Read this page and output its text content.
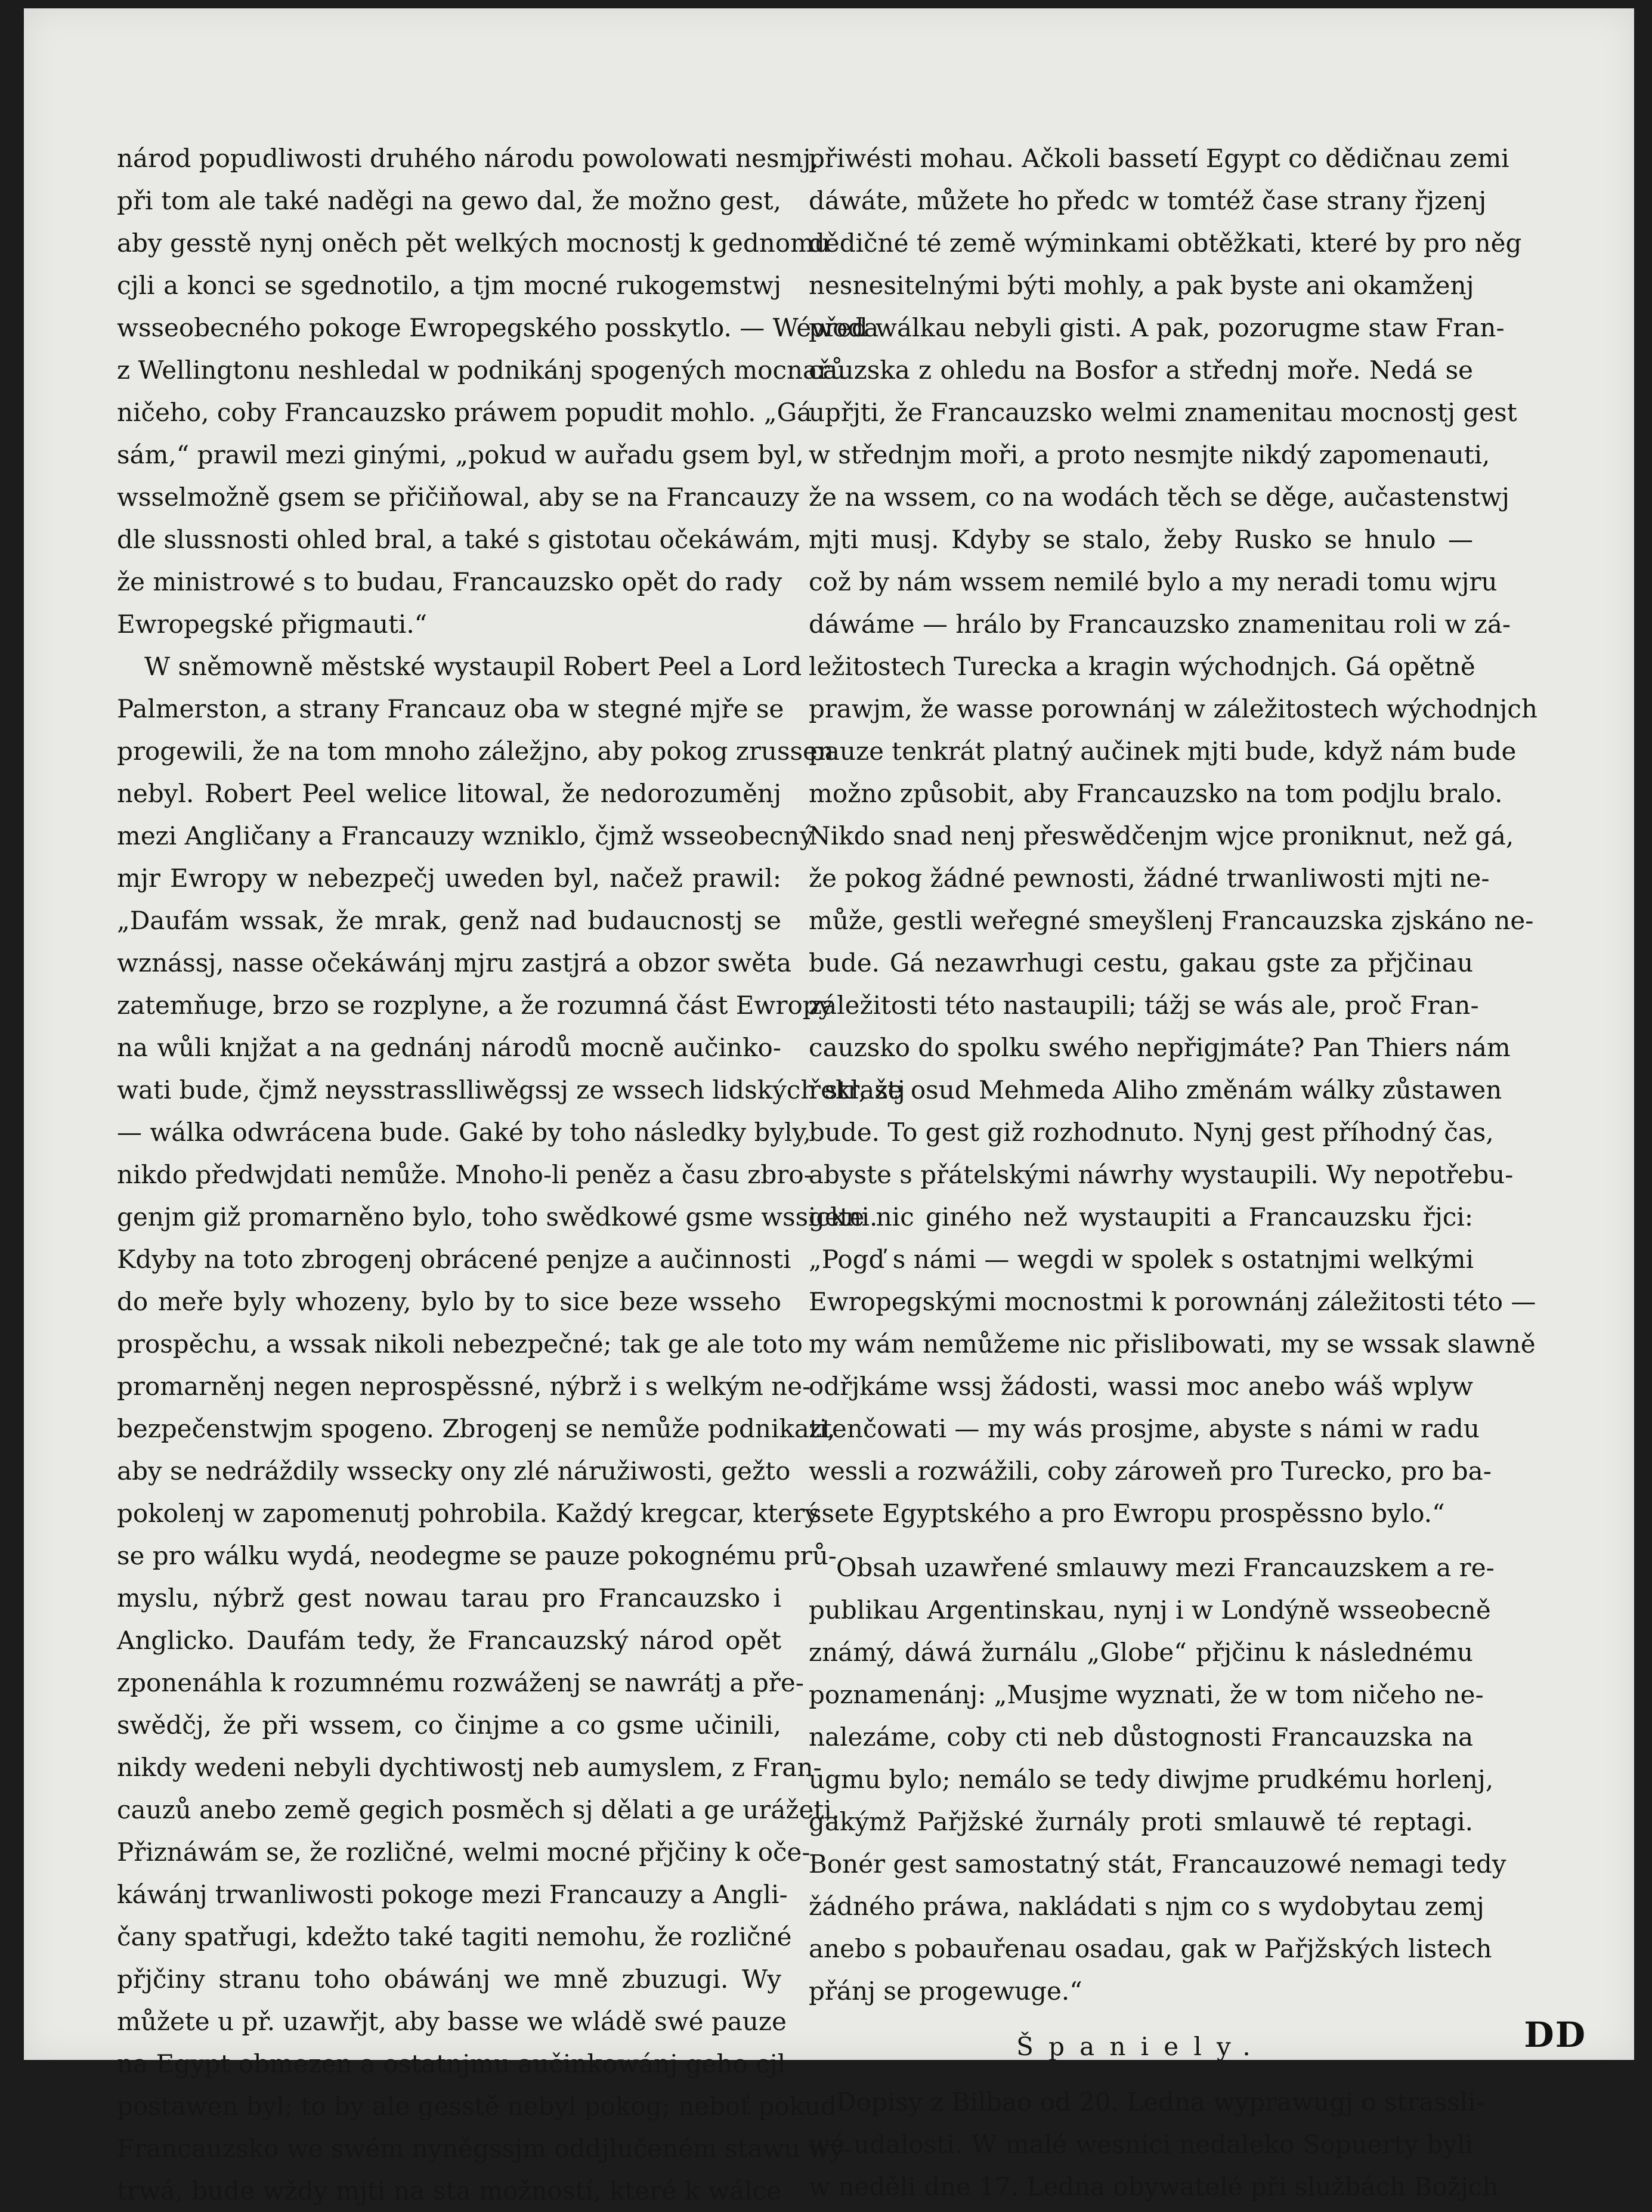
národ popudliwosti druhého národu powolowati nesmj,
při tom ale také naděgi na gewo dal, že možno gest,
aby gesstě nynj oněch pět welkých mocnostj k gednomu
cjli a konci se sgednotilo, a tjm mocné rukogemstwj
wsseobecného pokoge Ewropegského posskytlo. — Wéwoda
z Wellingtonu neshledal w podnikánj spogených mocnařů
ničeho, coby Francauzsko práwem popudit mohlo. „Gá
sám,“ prawil mezi ginými, „pokud w auřadu gsem byl,
wsselmožně gsem se přičiňowal, aby se na Francauzy
dle slussnosti ohled bral, a také s gistotau očekáwám,
že ministrowé s to budau, Francauzsko opět do rady
Ewropegské přigmauti.“
W sněmowně městské wystaupil Robert Peel a Lord
Palmerston, a strany Francauz oba w stegné mjře se
progewili, že na tom mnoho záležjno, aby pokog zrussen
nebyl. Robert Peel welice litowal, že nedorozuměnj
mezi Angličany a Francauzy wzniklo, čjmž wsseobecný
mjr Ewropy w nebezpečj uweden byl, načež prawil:
„Daufám wssak, že mrak, genž nad budaucnostj se
wznássj, nasse očekáwánj mjru zastjrá a obzor swěta
zatemňuge, brzo se rozplyne, a že rozumná část Ewropy
na wůli knjžat a na gednánj národů mocně aučinko-
wati bude, čjmž neysstrasslliwěgssj ze wssech lidských strastj
— wálka odwrácena bude. Gaké by toho následky byly,
nikdo předwjdati nemůže. Mnoho-li peněz a času zbro-
genjm giž promarněno bylo, toho swědkowé gsme wssickni.
Kdyby na toto zbrogenj obrácené penjze a aučinnosti
do meře byly whozeny, bylo by to sice beze wsseho
prospěchu, a wssak nikoli nebezpečné; tak ge ale toto
promarněnj negen neprospěssné, nýbrž i s welkým ne-
bezpečenstwjm spogeno. Zbrogenj se nemůže podnikati,
aby se nedráždily wssecky ony zlé náružiwosti, gežto
pokolenj w zapomenutj pohrobila. Každý kregcar, který
se pro wálku wydá, neodegme se pauze pokognému prů-
myslu, nýbrž gest nowau tarau pro Francauzsko i
Anglicko. Daufám tedy, že Francauzský národ opět
zponenáhla k rozumnému rozwáženj se nawrátj a pře-
swědčj, že při wssem, co činjme a co gsme učinili,
nikdy wedeni nebyli dychtiwostj neb aumyslem, z Fran-
cauzů anebo země gegich posměch sj dělati a ge urážeti.
Přiznáwám se, že rozličné, welmi mocné přjčiny k oče-
káwánj trwanliwosti pokoge mezi Francauzy a Angli-
čany spatřugi, kdežto také tagiti nemohu, že rozličné
přjčiny stranu toho obáwánj we mně zbuzugi. Wy
můžete u př. uzawřjt, aby basse we wládě swé pauze
na Egypt obmezen a ostatnjmu aučinkowánj geho cjl
postawen byl; to by ale gesstě nebyl pokog; neboť pokud
Francauzsko we swém nyněgssjm oddjlučeném stawu wy-
trwá, bude wždy mjti na sta možností, které k wálce
přiwésti mohau. Ačkoli bassetí Egypt co dědičnau zemi
dáwáte, můžete ho předc w tomtéž čase strany řjzenj
dědičné té země wýminkami obtěžkati, které by pro něg
nesnesitelnými býti mohly, a pak byste ani okamženj
před wálkau nebyli gisti. A pak, pozorugme staw Fran-
cauzska z ohledu na Bosfor a střednj moře. Nedá se
upřjti, že Francauzsko welmi znamenitau mocnostj gest
w střednjm moři, a proto nesmjte nikdý zapomenauti,
že na wssem, co na wodách těch se děge, aučastenstwj
mjti musj. Kdyby se stalo, žeby Rusko se hnulo —
což by nám wssem nemilé bylo a my neradi tomu wjru
dáwáme — hrálo by Francauzsko znamenitau roli w zá-
ležitostech Turecka a kragin wýchodnjch. Gá opětně
prawjm, že wasse porownánj w záležitostech wýchodnjch
pauze tenkrát platný aučinek mjti bude, když nám bude
možno způsobit, aby Francauzsko na tom podjlu bralo.
Nikdo snad nenj přeswědčenjm wjce proniknut, než gá,
že pokog žádné pewnosti, žádné trwanliwosti mjti ne-
může, gestli weřegné smeyšlenj Francauzska zjskáno ne-
bude. Gá nezawrhugi cestu, gakau gste za přjčinau
záležitosti této nastaupili; tážj se wás ale, proč Fran-
cauzsko do spolku swého nepřigjmáte? Pan Thiers nám
řekl, že osud Mehmeda Aliho změnám wálky zůstawen
bude. To gest giž rozhodnuto. Nynj gest příhodný čas,
abyste s přátelskými náwrhy wystaupili. Wy nepotřebu-
gete nic giného než wystaupiti a Francauzsku řjci:
„Pogď s námi — wegdi w spolek s ostatnjmi welkými
Ewropegskými mocnostmi k porownánj záležitosti této —
my wám nemůžeme nic přislibowati, my se wssak slawně
odřjkáme wssj žádosti, wassi moc anebo wáš wplyw
ztenčowati — my wás prosjme, abyste s námi w radu
wessli a rozwážili, coby zároweň pro Turecko, pro ba-
ssete Egyptského a pro Ewropu prospěssno bylo.“
Obsah uzawřené smlauwy mezi Francauzskem a re-
publikau Argentinskau, nynj i w Londýně wsseobecně
známý, dáwá žurnálu „Globe“ přjčinu k následnému
poznamenánj: „Musjme wyznati, že w tom ničeho ne-
nalezáme, coby cti neb důstognosti Francauzska na
ugmu bylo; nemálo se tedy diwjme prudkému horlenj,
gakýmž Pařjžské žurnály proti smlauwě té reptagi.
Bonér gest samostatný stát, Francauzowé nemagi tedy
žádného práwa, nakládati s njm co s wydobytau zemj
anebo s pobauřenau osadau, gak w Pařjžských listech
přánj se progewuge.“
Španiely.
Dopisy z Bilbao od 20. Ledna wyprawugj o strassli-
wé udalosti. W malé wesnici nedaleko Sopuerty byli
w neděli dne 17. Ledna obywatelé při službách Božjch
DD
